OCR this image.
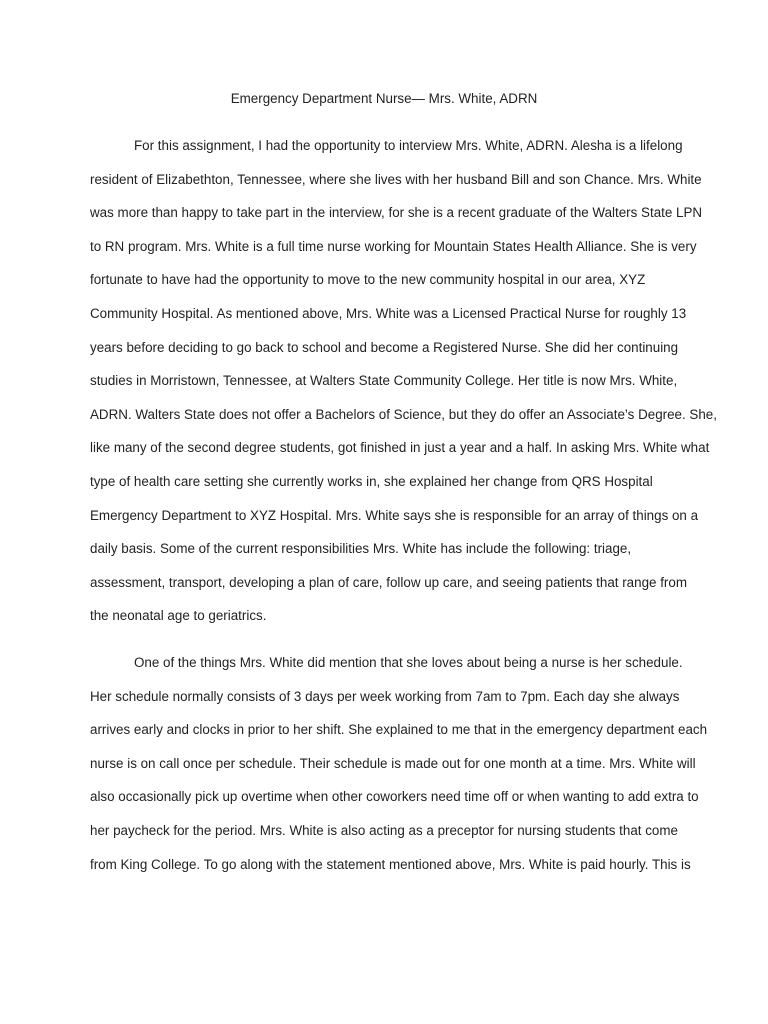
Emergency Department Nurse— Mrs. White, ADRN
For this assignment, I had the opportunity to interview Mrs. White, ADRN. Alesha is a lifelong
resident of Elizabethton, Tennessee, where she lives with her husband Bill and son Chance. Mrs. White
was more than happy to take part in the interview, for she is a recent graduate of the Walters State LPN
to RN program. Mrs. White is a full time nurse working for Mountain States Health Alliance. She is very
fortunate to have had the opportunity to move to the new community hospital in our area, XYZ
Community Hospital. As mentioned above, Mrs. White was a Licensed Practical Nurse for roughly 13
years before deciding to go back to school and become a Registered Nurse. She did her continuing
studies in Morristown, Tennessee, at Walters State Community College. Her title is now Mrs. White,
ADRN. Walters State does not offer a Bachelors of Science, but they do offer an Associate’s Degree. She,
like many of the second degree students, got finished in just a year and a half. In asking Mrs. White what
type of health care setting she currently works in, she explained her change from QRS Hospital
Emergency Department to XYZ Hospital. Mrs. White says she is responsible for an array of things on a
daily basis. Some of the current responsibilities Mrs. White has include the following: triage,
assessment, transport, developing a plan of care, follow up care, and seeing patients that range from
the neonatal age to geriatrics.
One of the things Mrs. White did mention that she loves about being a nurse is her schedule.
Her schedule normally consists of 3 days per week working from 7am to 7pm. Each day she always
arrives early and clocks in prior to her shift. She explained to me that in the emergency department each
nurse is on call once per schedule. Their schedule is made out for one month at a time. Mrs. White will
also occasionally pick up overtime when other coworkers need time off or when wanting to add extra to
her paycheck for the period. Mrs. White is also acting as a preceptor for nursing students that come
from King College. To go along with the statement mentioned above, Mrs. White is paid hourly. This is
